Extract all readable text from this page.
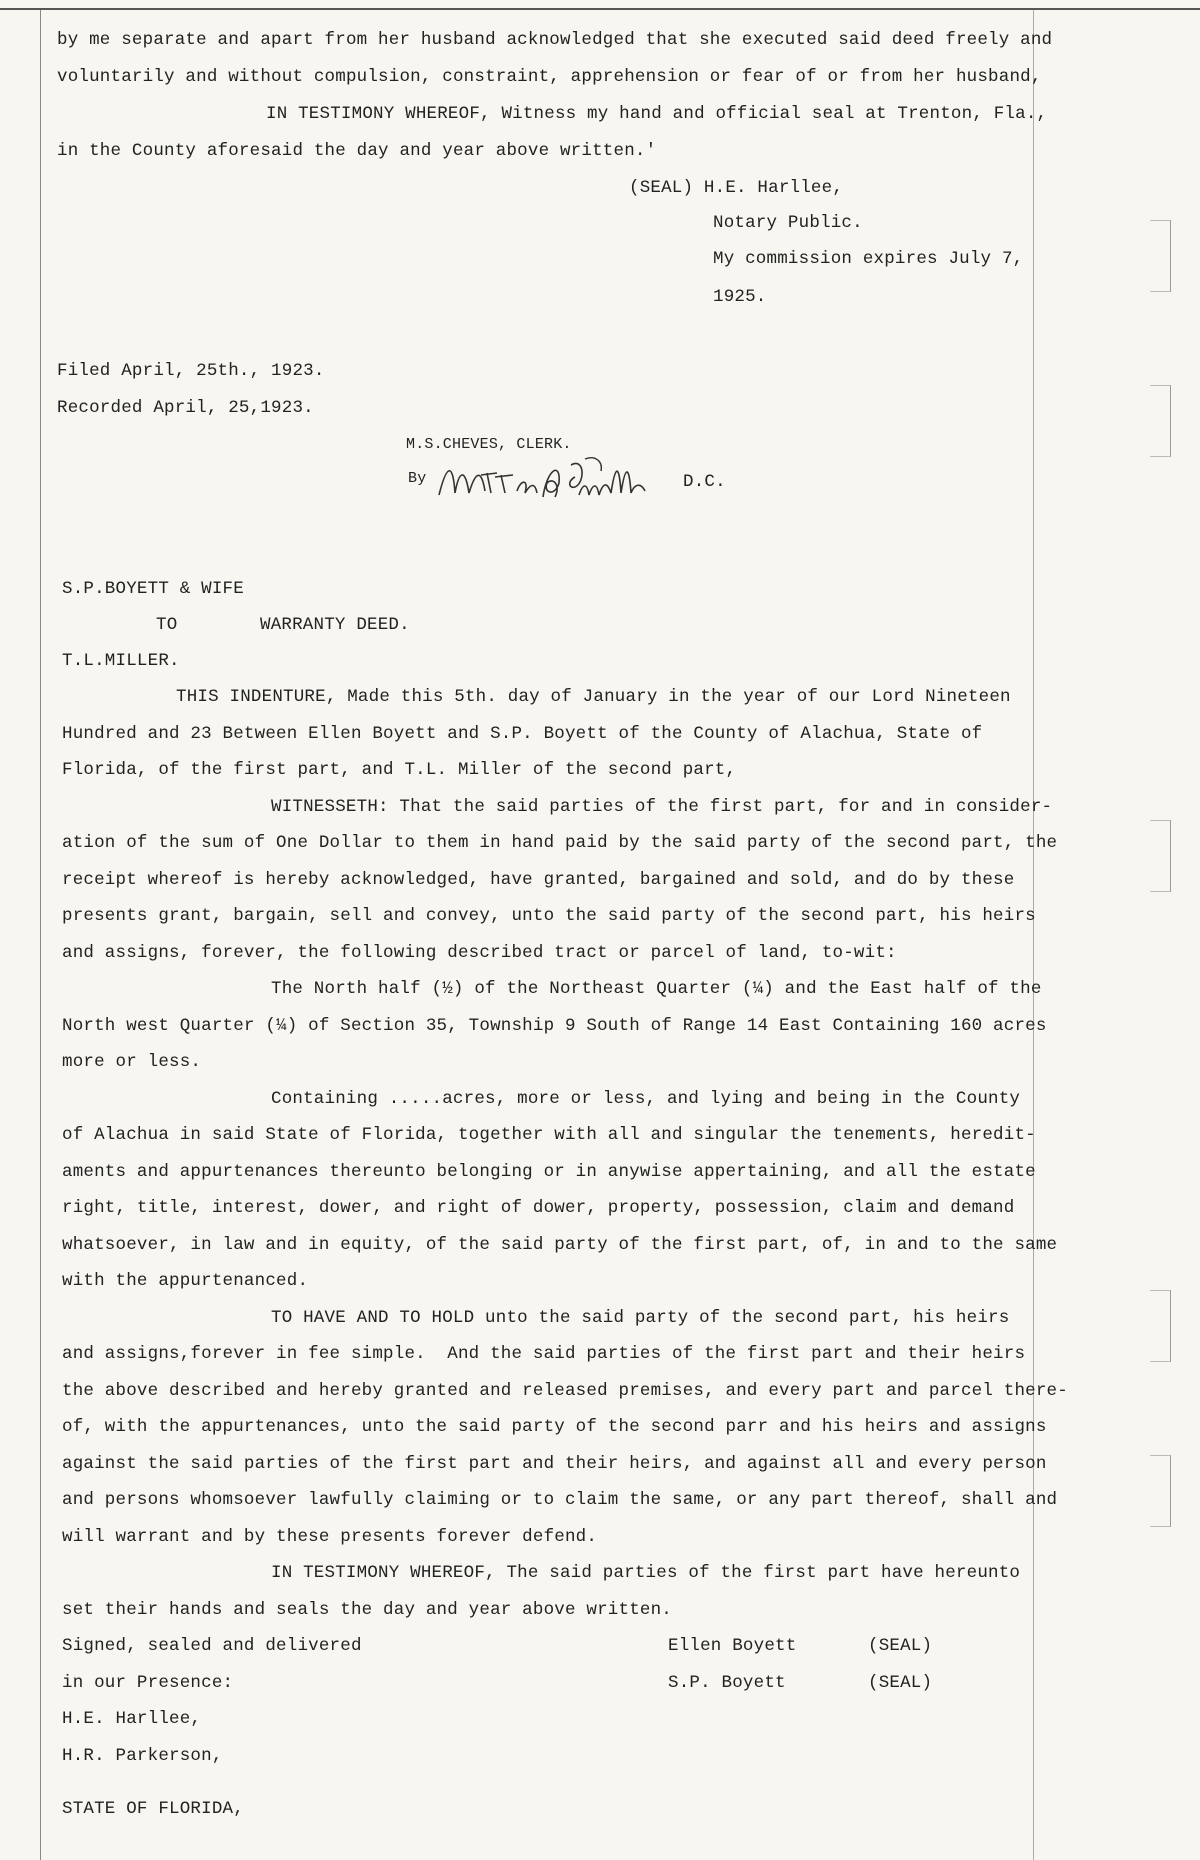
by me separate and apart from her husband acknowledged that she executed said deed freely and
voluntarily and without compulsion, constraint, apprehension or fear of or from her husband,
IN TESTIMONY WHEREOF, Witness my hand and official seal at Trenton, Fla.,
in the County aforesaid the day and year above written.'
(SEAL) H.E. Harllee,
Notary Public.
My commission expires July 7,
1925.
Filed April, 25th., 1923.
Recorded April, 25,1923.
M.S.CHEVES, CLERK.
By	D.C.
S.P.BOYETT & WIFE
TO	WARRANTY DEED.
T.L.MILLER.
THIS INDENTURE, Made this 5th. day of January in the year of our Lord Nineteen
Hundred and 23 Between Ellen Boyett and S.P. Boyett of the County of Alachua, State of
Florida, of the first part, and T.L. Miller of the second part,
WITNESSETH: That the said parties of the first part, for and in consider-
ation of the sum of One Dollar to them in hand paid by the said party of the second part, the
receipt whereof is hereby acknowledged, have granted, bargained and sold, and do by these
presents grant, bargain, sell and convey, unto the said party of the second part, his heirs
and assigns, forever, the following described tract or parcel of land, to-wit:
The North half (½) of the Northeast Quarter (¼) and the East half of the
North west Quarter (¼) of Section 35, Township 9 South of Range 14 East Containing 160 acres
more or less.
Containing .....acres, more or less, and lying and being in the County
of Alachua in said State of Florida, together with all and singular the tenements, heredit-
aments and appurtenances thereunto belonging or in anywise appertaining, and all the estate
right, title, interest, dower, and right of dower, property, possession, claim and demand
whatsoever, in law and in equity, of the said party of the first part, of, in and to the same
with the appurtenanced.
TO HAVE AND TO HOLD unto the said party of the second part, his heirs
and assigns,forever in fee simple.  And the said parties of the first part and their heirs
the above described and hereby granted and released premises, and every part and parcel there-
of, with the appurtenances, unto the said party of the second parr and his heirs and assigns
against the said parties of the first part and their heirs, and against all and every person
and persons whomsoever lawfully claiming or to claim the same, or any part thereof, shall and
will warrant and by these presents forever defend.
IN TESTIMONY WHEREOF, The said parties of the first part have hereunto
set their hands and seals the day and year above written.
Signed, sealed and delivered	Ellen Boyett	(SEAL)
in our Presence:	S.P. Boyett	(SEAL)
H.E. Harllee,
H.R. Parkerson,
STATE OF FLORIDA,
